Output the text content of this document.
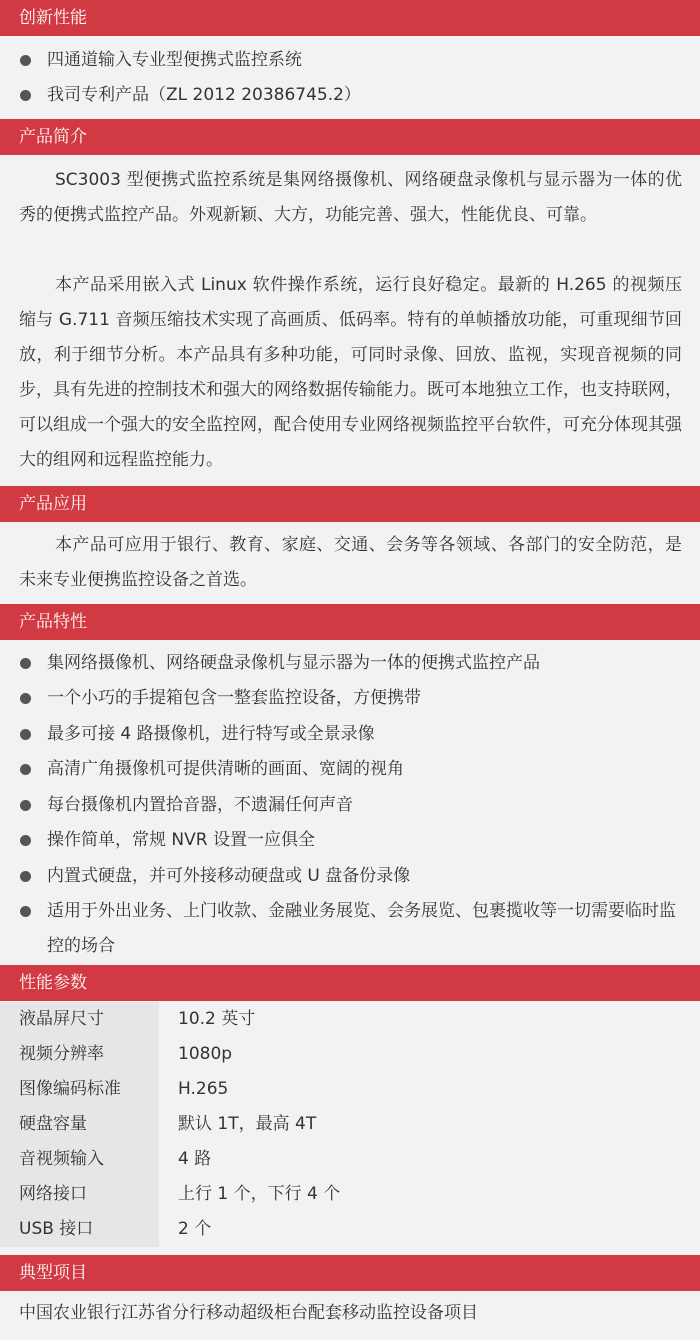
创新性能
四通道输入专业型便携式监控系统
我司专利产品（ZL 2012 20386745.2）
产品简介

SC3003 型便携式监控系统是集网络摄像机、网络硬盘录像机与显示器为一体的优秀的便携式监控产品。外观新颖、大方，功能完善、强大，性能优良、可靠。

本产品采用嵌入式 Linux 软件操作系统，运行良好稳定。最新的 H.265 的视频压缩与 G.711 音频压缩技术实现了高画质、低码率。特有的单帧播放功能，可重现细节回放，利于细节分析。本产品具有多种功能，可同时录像、回放、监视，实现音视频的同步，具有先进的控制技术和强大的网络数据传输能力。既可本地独立工作，也支持联网，可以组成一个强大的安全监控网，配合使用专业网络视频监控平台软件，可充分体现其强大的组网和远程监控能力。

产品应用

本产品可应用于银行、教育、家庭、交通、会务等各领域、各部门的安全防范，是未来专业便携监控设备之首选。

产品特性
集网络摄像机、网络硬盘录像机与显示器为一体的便携式监控产品
一个小巧的手提箱包含一整套监控设备，方便携带
最多可接 4 路摄像机，进行特写或全景录像
高清广角摄像机可提供清晰的画面、宽阔的视角
每台摄像机内置拾音器，不遗漏任何声音
操作简单，常规 NVR 设置一应俱全
内置式硬盘，并可外接移动硬盘或 U 盘备份录像
适用于外出业务、上门收款、金融业务展览、会务展览、包裹揽收等一切需要临时监控的场合
性能参数
液晶屏尺寸	10.2 英寸
视频分辨率	1080p
图像编码标准	H.265
硬盘容量	默认 1T，最高 4T
音视频输入	4 路
网络接口	上行 1 个，下行 4 个
USB 接口	2 个
典型项目
中国农业银行江苏省分行移动超级柜台配套移动监控设备项目
